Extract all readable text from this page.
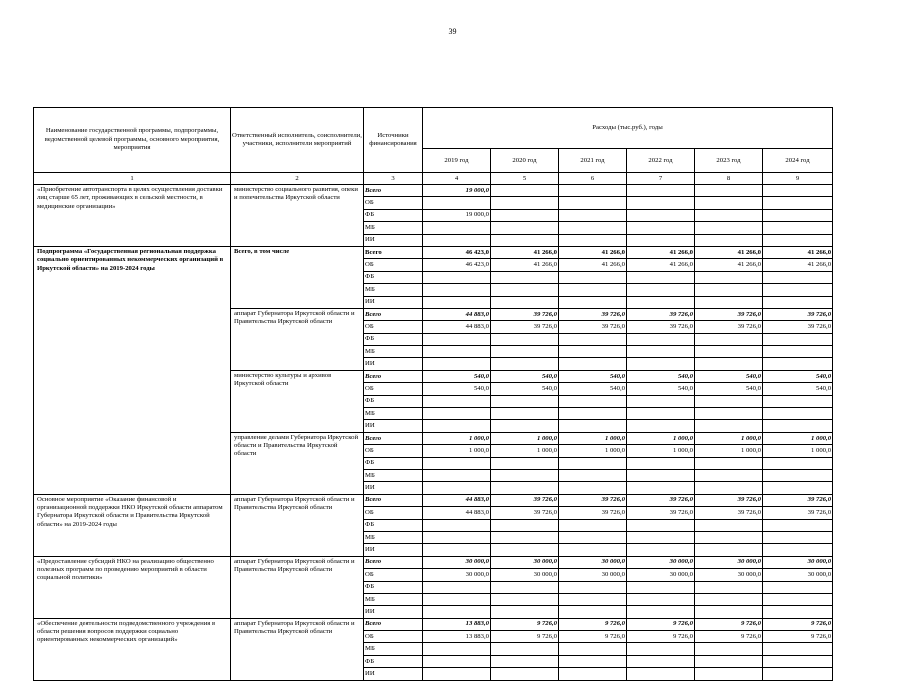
39
Наименование государственной программы, подпрограммы, ведомственной целевой программы, основного мероприятия, мероприятия	Ответственный исполнитель, соисполнители, участники, исполнители мероприятий	Источники финансирования	Расходы (тыс.руб.), годы					
			2019 год	2020 год	2021 год	2022 год	2023 год	2024 год
1	2	3	4	5	6	7	8	9
«Приобретение автотранспорта в целях осуществления доставки лиц старше 65 лет, проживающих в сельской местности, в медицинские организации»	министерство социального развития, опеки и попечительства Иркутской области	Всего	19 000,0					
		ОБ						
		ФБ	19 000,0					
		МБ						
		ИИ						
Подпрограмма «Государственная региональная поддержка социально ориентированных некоммерческих организаций в Иркутской области» на 2019-2024 годы	Всего, в том числе	Всего	46 423,0	41 266,0	41 266,0	41 266,0	41 266,0	41 266,0
		ОБ	46 423,0	41 266,0	41 266,0	41 266,0	41 266,0	41 266,0
		ФБ						
		МБ						
		ИИ						
	аппарат Губернатора Иркутской области и Правительства Иркутской области	Всего	44 883,0	39 726,0	39 726,0	39 726,0	39 726,0	39 726,0
		ОБ	44 883,0	39 726,0	39 726,0	39 726,0	39 726,0	39 726,0
		ФБ						
		МБ						
		ИИ						
	министерство культуры и архивов Иркутской области	Всего	540,0	540,0	540,0	540,0	540,0	540,0
		ОБ	540,0	540,0	540,0	540,0	540,0	540,0
		ФБ						
		МБ						
		ИИ						
	управление делами Губернатора Иркутской области и Правительства Иркутской области	Всего	1 000,0	1 000,0	1 000,0	1 000,0	1 000,0	1 000,0
		ОБ	1 000,0	1 000,0	1 000,0	1 000,0	1 000,0	1 000,0
		ФБ						
		МБ						
		ИИ						
Основное мероприятие «Оказание финансовой и организационной поддержки НКО Иркутской области аппаратом Губернатора Иркутской области и Правительства Иркутской области» на 2019-2024 годы	аппарат Губернатора Иркутской области и Правительства Иркутской области	Всего	44 883,0	39 726,0	39 726,0	39 726,0	39 726,0	39 726,0
		ОБ	44 883,0	39 726,0	39 726,0	39 726,0	39 726,0	39 726,0
		ФБ						
		МБ						
		ИИ						
«Предоставление субсидий НКО на реализацию общественно полезных программ по проведению мероприятий в области социальной политики»	аппарат Губернатора Иркутской области и Правительства Иркутской области	Всего	30 000,0	30 000,0	30 000,0	30 000,0	30 000,0	30 000,0
		ОБ	30 000,0	30 000,0	30 000,0	30 000,0	30 000,0	30 000,0
		ФБ						
		МБ						
		ИИ						
«Обеспечение деятельности подведомственного учреждения в области решения вопросов поддержки социально ориентированных некоммерческих организаций»	аппарат Губернатора Иркутской области и Правительства Иркутской области	Всего	13 883,0	9 726,0	9 726,0	9 726,0	9 726,0	9 726,0
		ОБ	13 883,0	9 726,0	9 726,0	9 726,0	9 726,0	9 726,0
		МБ						
		ФБ						
		ИИ						
